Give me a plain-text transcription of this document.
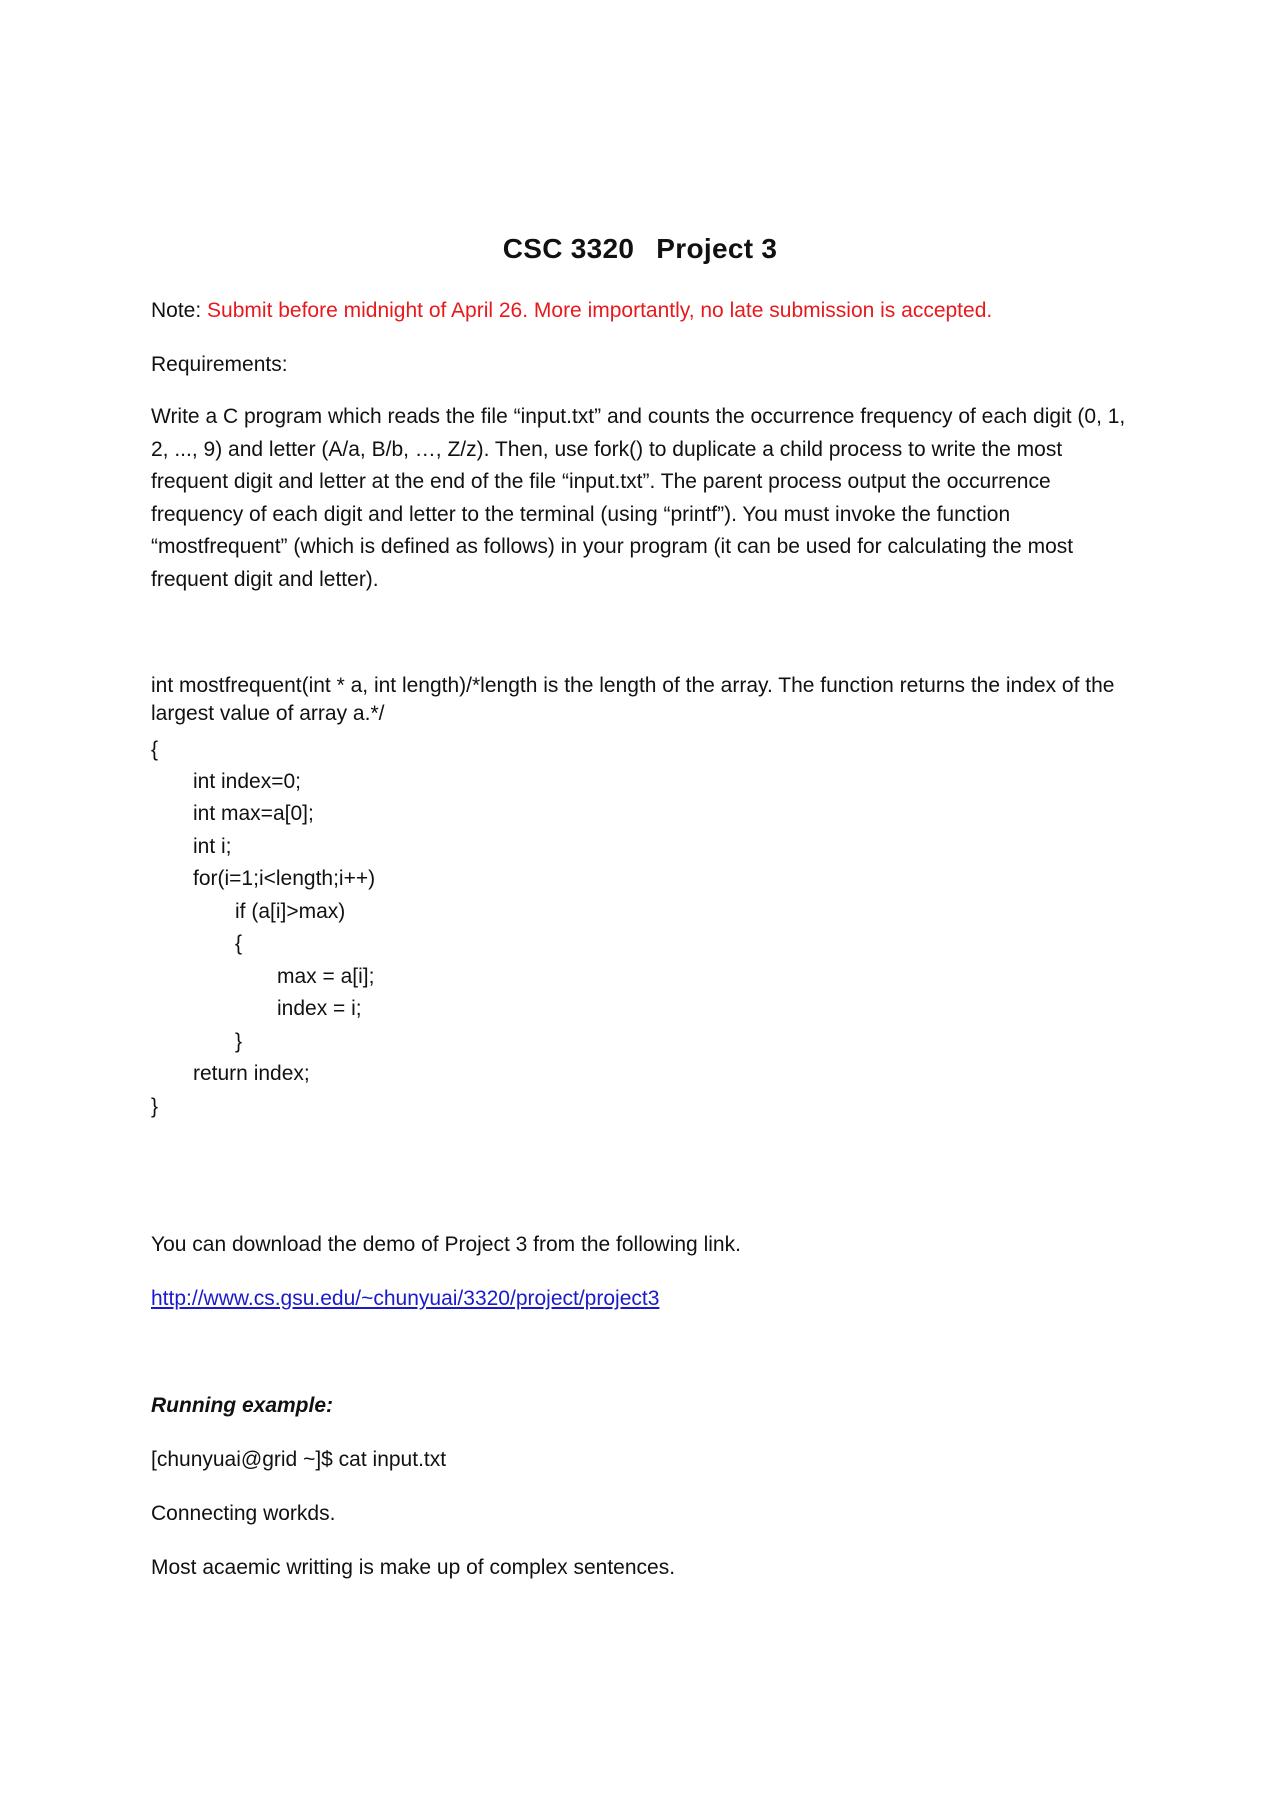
CSC 3320 Project 3

Note: Submit before midnight of April 26. More importantly, no late submission is accepted.

Requirements:

Write a C program which reads the file “input.txt” and counts the occurrence frequency of each digit (0, 1, 2, ..., 9) and letter (A/a, B/b, …, Z/z). Then, use fork() to duplicate a child process to write the most frequent digit and letter at the end of the file “input.txt”. The parent process output the occurrence frequency of each digit and letter to the terminal (using “printf”). You must invoke the function “mostfrequent” (which is defined as follows) in your program (it can be used for calculating the most frequent digit and letter).

int mostfrequent(int * a, int length)/*length is the length of the array. The function returns the index of the largest value of array a.*/

{

int index=0;

int max=a[0];

int i;

for(i=1;i<length;i++)

if (a[i]>max)

{

max = a[i];

index = i;

}

return index;

}

You can download the demo of Project 3 from the following link.

http://www.cs.gsu.edu/~chunyuai/3320/project/project3

Running example:

[chunyuai@grid ~]$ cat input.txt

Connecting workds.

Most acaemic writting is make up of complex sentences.
